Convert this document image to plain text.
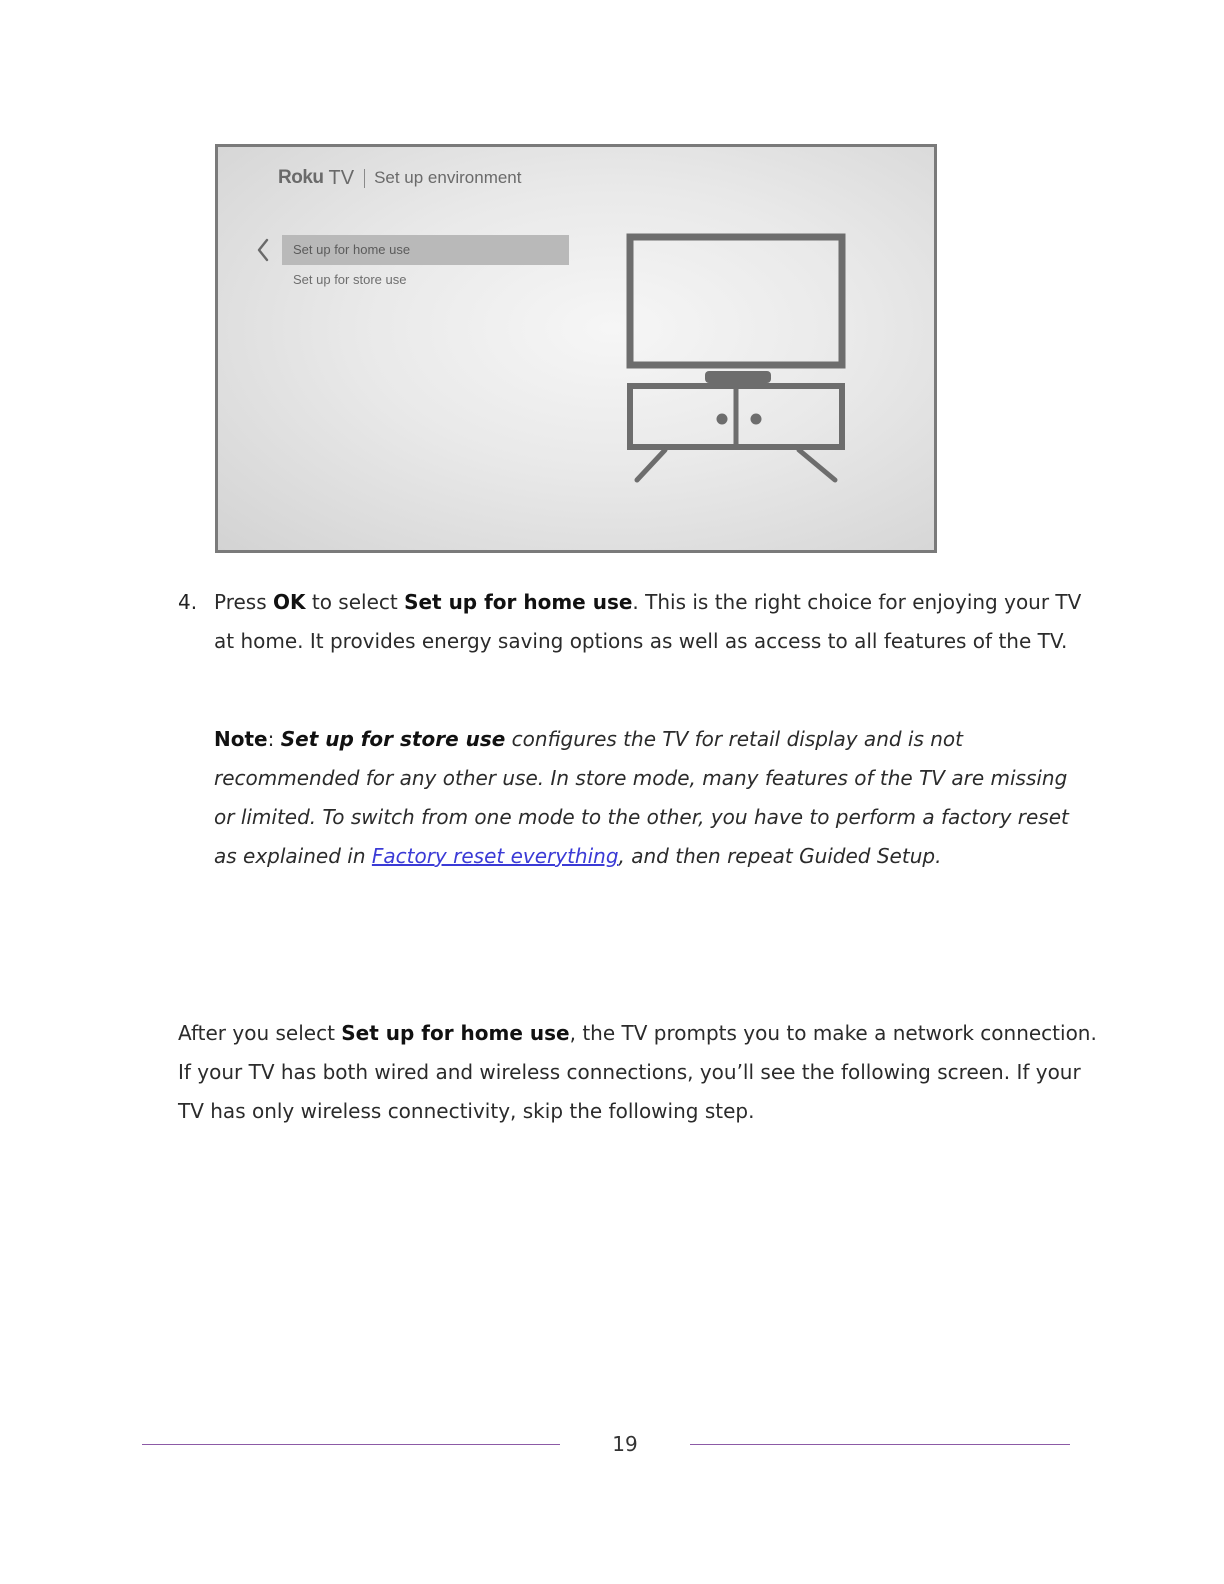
Roku TV Set up environment
Set up for home use
Set up for store use
4. Press OK to select Set up for home use. This is the right choice for enjoying your TV at home. It provides energy saving options as well as access to all features of the TV.
Note: Set up for store use configures the TV for retail display and is not recommended for any other use. In store mode, many features of the TV are missing or limited. To switch from one mode to the other, you have to perform a factory reset as explained in Factory reset everything, and then repeat Guided Setup.
After you select Set up for home use, the TV prompts you to make a network connection. If your TV has both wired and wireless connections, you’ll see the following screen. If your TV has only wireless connectivity, skip the following step.
19
